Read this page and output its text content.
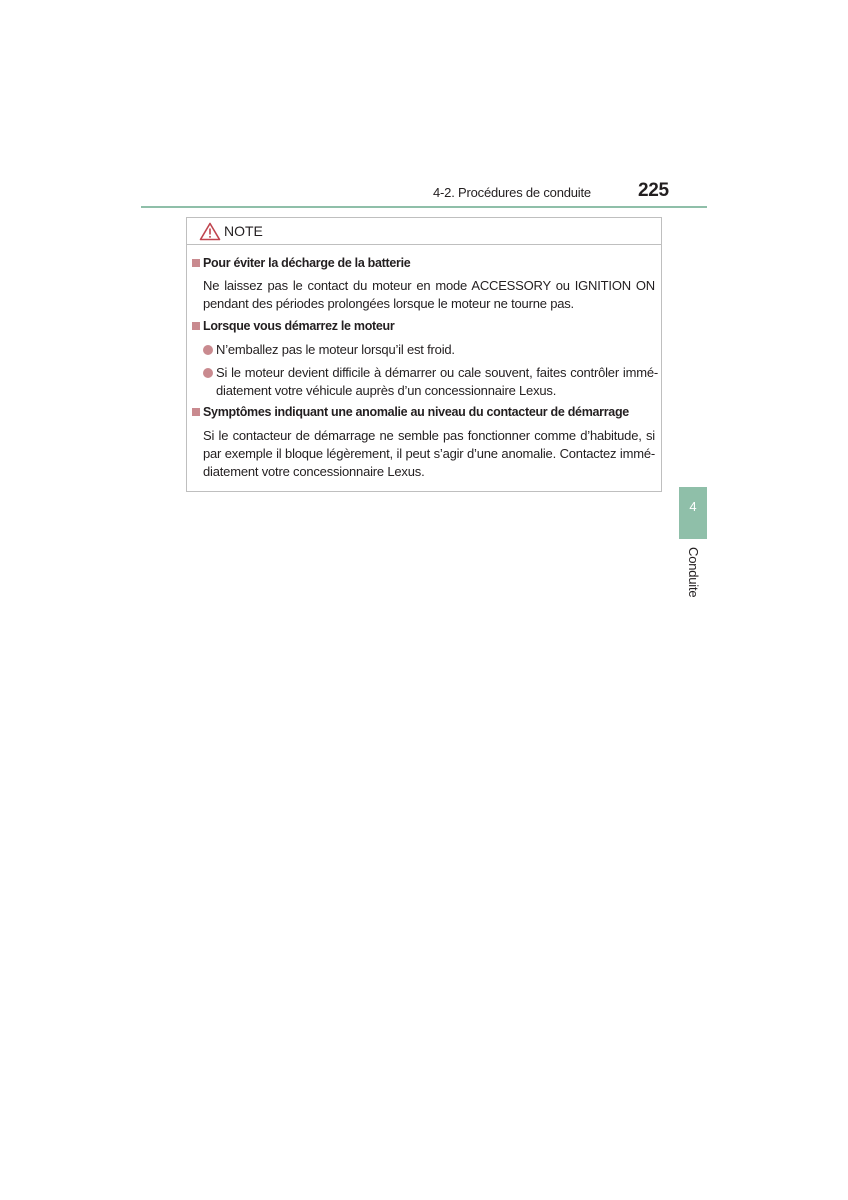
4-2. Procédures de conduite 225
NOTE
Pour éviter la décharge de la batterie
Ne laissez pas le contact du moteur en mode ACCESSORY ou IGNITION ON
pendant des périodes prolongées lorsque le moteur ne tourne pas.
Lorsque vous démarrez le moteur
N’emballez pas le moteur lorsqu’il est froid.
Si le moteur devient difficile à démarrer ou cale souvent, faites contrôler immé-
diatement votre véhicule auprès d’un concessionnaire Lexus.
Symptômes indiquant une anomalie au niveau du contacteur de démarrage
Si le contacteur de démarrage ne semble pas fonctionner comme d’habitude, si
par exemple il bloque légèrement, il peut s’agir d’une anomalie. Contactez immé-
diatement votre concessionnaire Lexus.
4
Conduite
